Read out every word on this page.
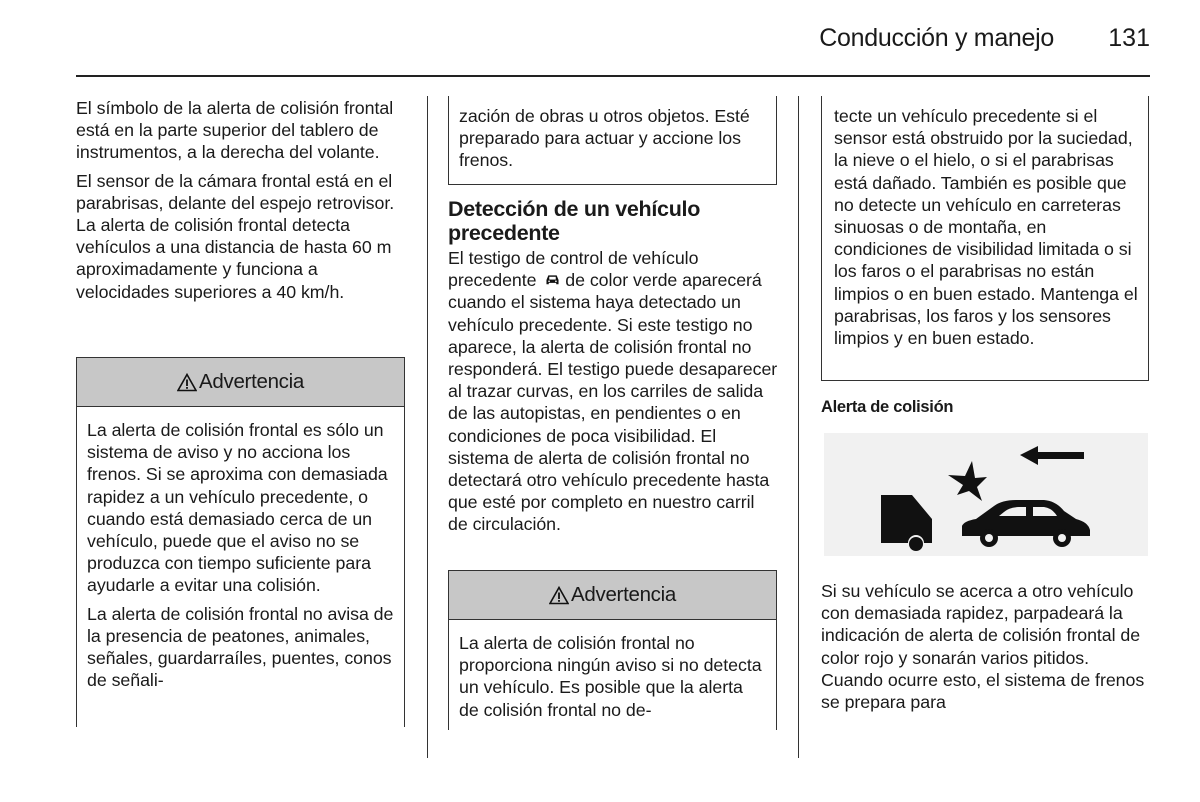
Conducción y manejo 131

El símbolo de la alerta de colisión frontal está en la parte superior del tablero de instrumentos, a la derecha del volante.

El sensor de la cámara frontal está en el parabrisas, delante del espejo retrovisor. La alerta de colisión frontal detecta vehículos a una distancia de hasta 60 m aproximadamente y funciona a velocidades superiores a 40 km/h.

Advertencia

La alerta de colisión frontal es sólo un sistema de aviso y no acciona los frenos. Si se aproxima con demasiada rapidez a un vehículo precedente, o cuando está demasiado cerca de un vehículo, puede que el aviso no se produzca con tiempo suficiente para ayudarle a evitar una colisión.

La alerta de colisión frontal no avisa de la presencia de peatones, animales, señales, guardarraíles, puentes, conos de señali-

zación de obras u otros objetos. Esté preparado para actuar y accione los frenos.

Detección de un vehículo precedente

El testigo de control de vehículo precedente  de color verde aparecerá cuando el sistema haya detectado un vehículo precedente. Si este testigo no aparece, la alerta de colisión frontal no responderá. El testigo puede desaparecer al trazar curvas, en los carriles de salida de las autopistas, en pendientes o en condiciones de poca visibilidad. El sistema de alerta de colisión frontal no detectará otro vehículo precedente hasta que esté por completo en nuestro carril de circulación.

Advertencia

La alerta de colisión frontal no proporciona ningún aviso si no detecta un vehículo. Es posible que la alerta de colisión frontal no de-

tecte un vehículo precedente si el sensor está obstruido por la suciedad, la nieve o el hielo, o si el parabrisas está dañado. También es posible que no detecte un vehículo en carreteras sinuosas o de montaña, en condiciones de visibilidad limitada o si los faros o el parabrisas no están limpios o en buen estado. Mantenga el parabrisas, los faros y los sensores limpios y en buen estado.

Alerta de colisión

Si su vehículo se acerca a otro vehículo con demasiada rapidez, parpadeará la indicación de alerta de colisión frontal de color rojo y sonarán varios pitidos. Cuando ocurre esto, el sistema de frenos se prepara para
